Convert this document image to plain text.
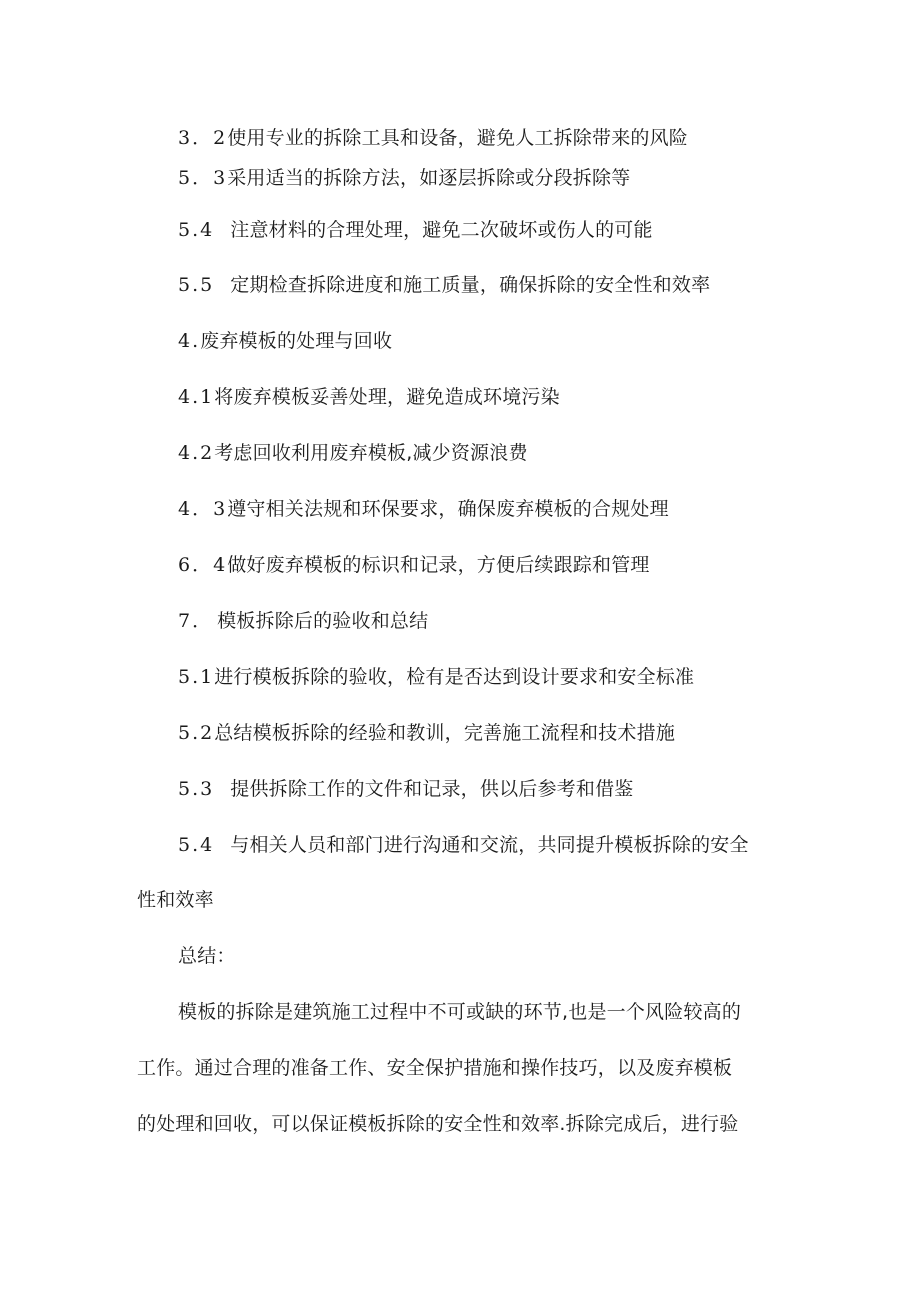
3．2使用专业的拆除工具和设备，避免人工拆除带来的风险
5．3采用适当的拆除方法，如逐层拆除或分段拆除等
5.4 注意材料的合理处理，避免二次破坏或伤人的可能
5.5 定期检查拆除进度和施工质量，确保拆除的安全性和效率
4.废弃模板的处理与回收
4.1将废弃模板妥善处理，避免造成环境污染
4.2考虑回收利用废弃模板,减少资源浪费
4．3遵守相关法规和环保要求，确保废弃模板的合规处理
6．4做好废弃模板的标识和记录，方便后续跟踪和管理
7． 模板拆除后的验收和总结
5.1进行模板拆除的验收，检有是否达到设计要求和安全标准
5.2总结模板拆除的经验和教训，完善施工流程和技术措施
5.3 提供拆除工作的文件和记录，供以后参考和借鉴
5.4 与相关人员和部门进行沟通和交流，共同提升模板拆除的安全
性和效率
总结：
模板的拆除是建筑施工过程中不可或缺的环节,也是一个风险较高的
工作。通过合理的准备工作、安全保护措施和操作技巧，以及废弃模板
的处理和回收，可以保证模板拆除的安全性和效率.拆除完成后，进行验
